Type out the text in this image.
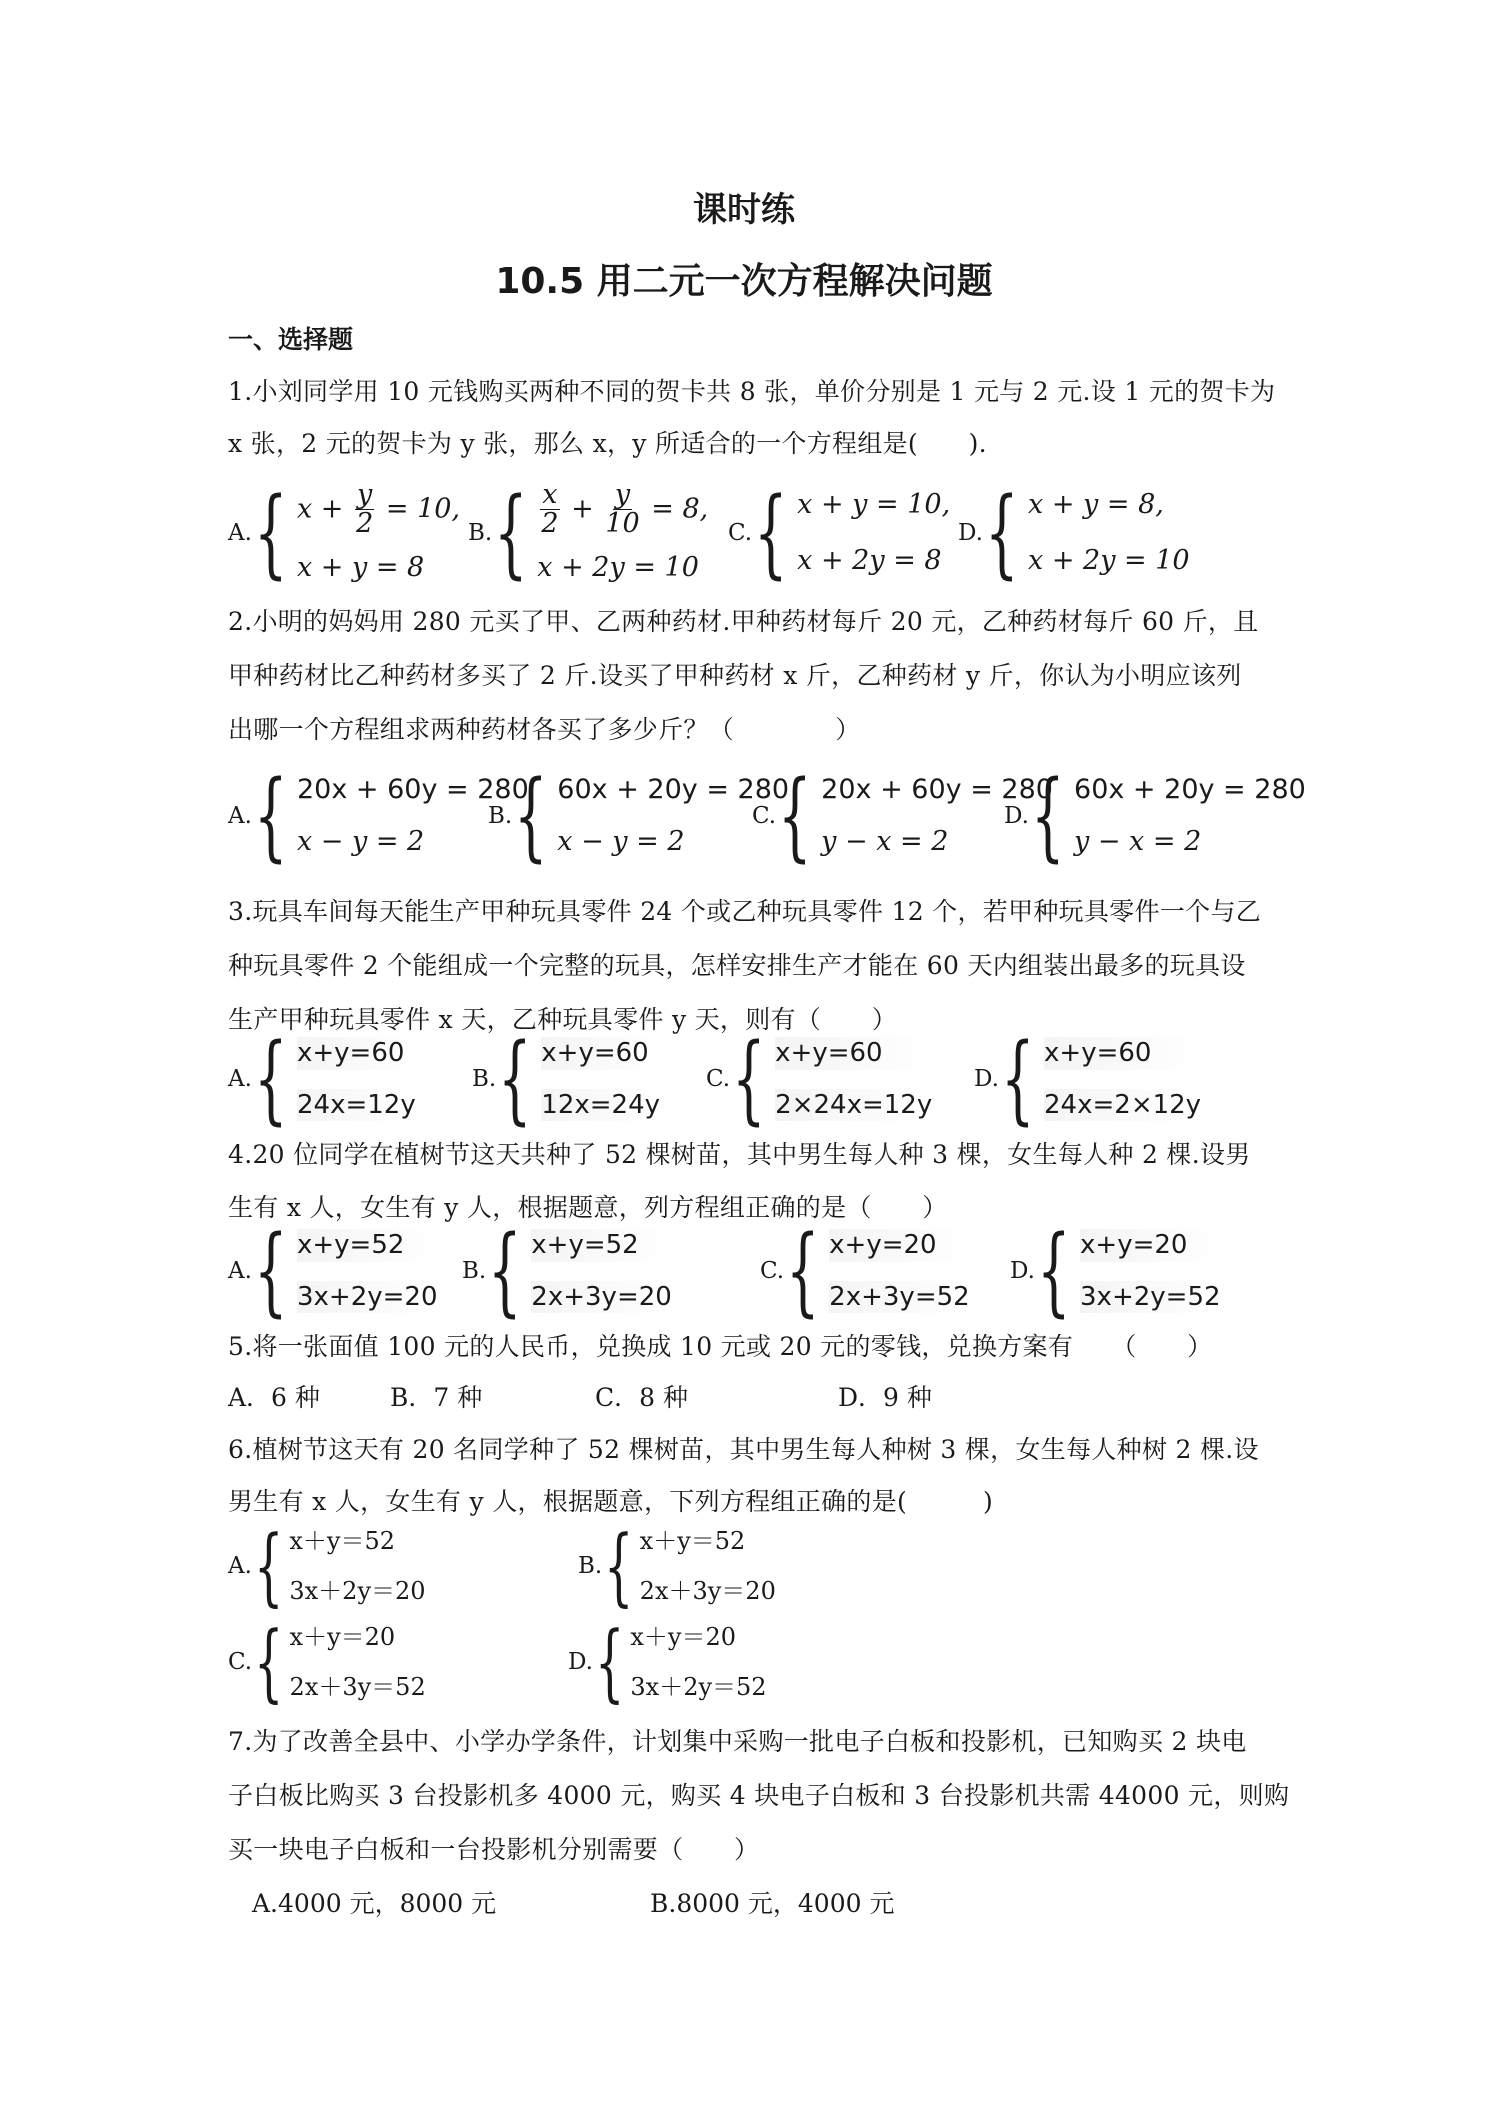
课时练
10.5 用二元一次方程解决问题
一、选择题
1.小刘同学用 10 元钱购买两种不同的贺卡共 8 张，单价分别是 1 元与 2 元.设 1 元的贺卡为
x 张，2 元的贺卡为 y 张，那么 x，y 所适合的一个方程组是(　　).
A. { $x + \frac{y}{2} = 10$,
x + y = 8
B. { $\frac{x}{2} + \frac{y}{10} = 8$,
x + 2y = 10
C. { x + y = 10,
x + 2y = 8
D. { x + y = 8,
x + 2y = 10
2.小明的妈妈用 280 元买了甲、乙两种药材.甲种药材每斤 20 元，乙种药材每斤 60 斤，且
甲种药材比乙种药材多买了 2 斤.设买了甲种药材 x 斤，乙种药材 y 斤，你认为小明应该列
出哪一个方程组求两种药材各买了多少斤？（　　　　）
A. { 20x + 60y = 280
x − y = 2
B. { 60x + 20y = 280
x − y = 2
C. { 20x + 60y = 280
y − x = 2
D. { 60x + 20y = 280
y − x = 2
3.玩具车间每天能生产甲种玩具零件 24 个或乙种玩具零件 12 个，若甲种玩具零件一个与乙
种玩具零件 2 个能组成一个完整的玩具，怎样安排生产才能在 60 天内组装出最多的玩具设
生产甲种玩具零件 x 天，乙种玩具零件 y 天，则有（　　）
A. { x+y=60
24x=12y
B. { x+y=60
12x=24y
C. { x+y=60
2×24x=12y
D. { x+y=60
24x=2×12y
4.20 位同学在植树节这天共种了 52 棵树苗，其中男生每人种 3 棵，女生每人种 2 棵.设男
生有 x 人，女生有 y 人，根据题意，列方程组正确的是（　　）
A. { x+y=52
3x+2y=20
B. { x+y=52
2x+3y=20
C. { x+y=20
2x+3y=52
D. { x+y=20
3x+2y=52
5.将一张面值 100 元的人民币，兑换成 10 元或 20 元的零钱，兑换方案有　　（　　）
A．6 种	B．7 种	C．8 种	D．9 种
6.植树节这天有 20 名同学种了 52 棵树苗，其中男生每人种树 3 棵，女生每人种树 2 棵.设
男生有 x 人，女生有 y 人，根据题意，下列方程组正确的是(　　　)
A. { x＋y＝52
3x＋2y＝20
B. { x＋y＝52
2x＋3y＝20
C. { x＋y＝20
2x＋3y＝52
D. { x＋y＝20
3x＋2y＝52
7.为了改善全县中、小学办学条件，计划集中采购一批电子白板和投影机，已知购买 2 块电
子白板比购买 3 台投影机多 4000 元，购买 4 块电子白板和 3 台投影机共需 44000 元，则购
买一块电子白板和一台投影机分别需要（　　）
A.4000 元，8000 元	B.8000 元，4000 元
